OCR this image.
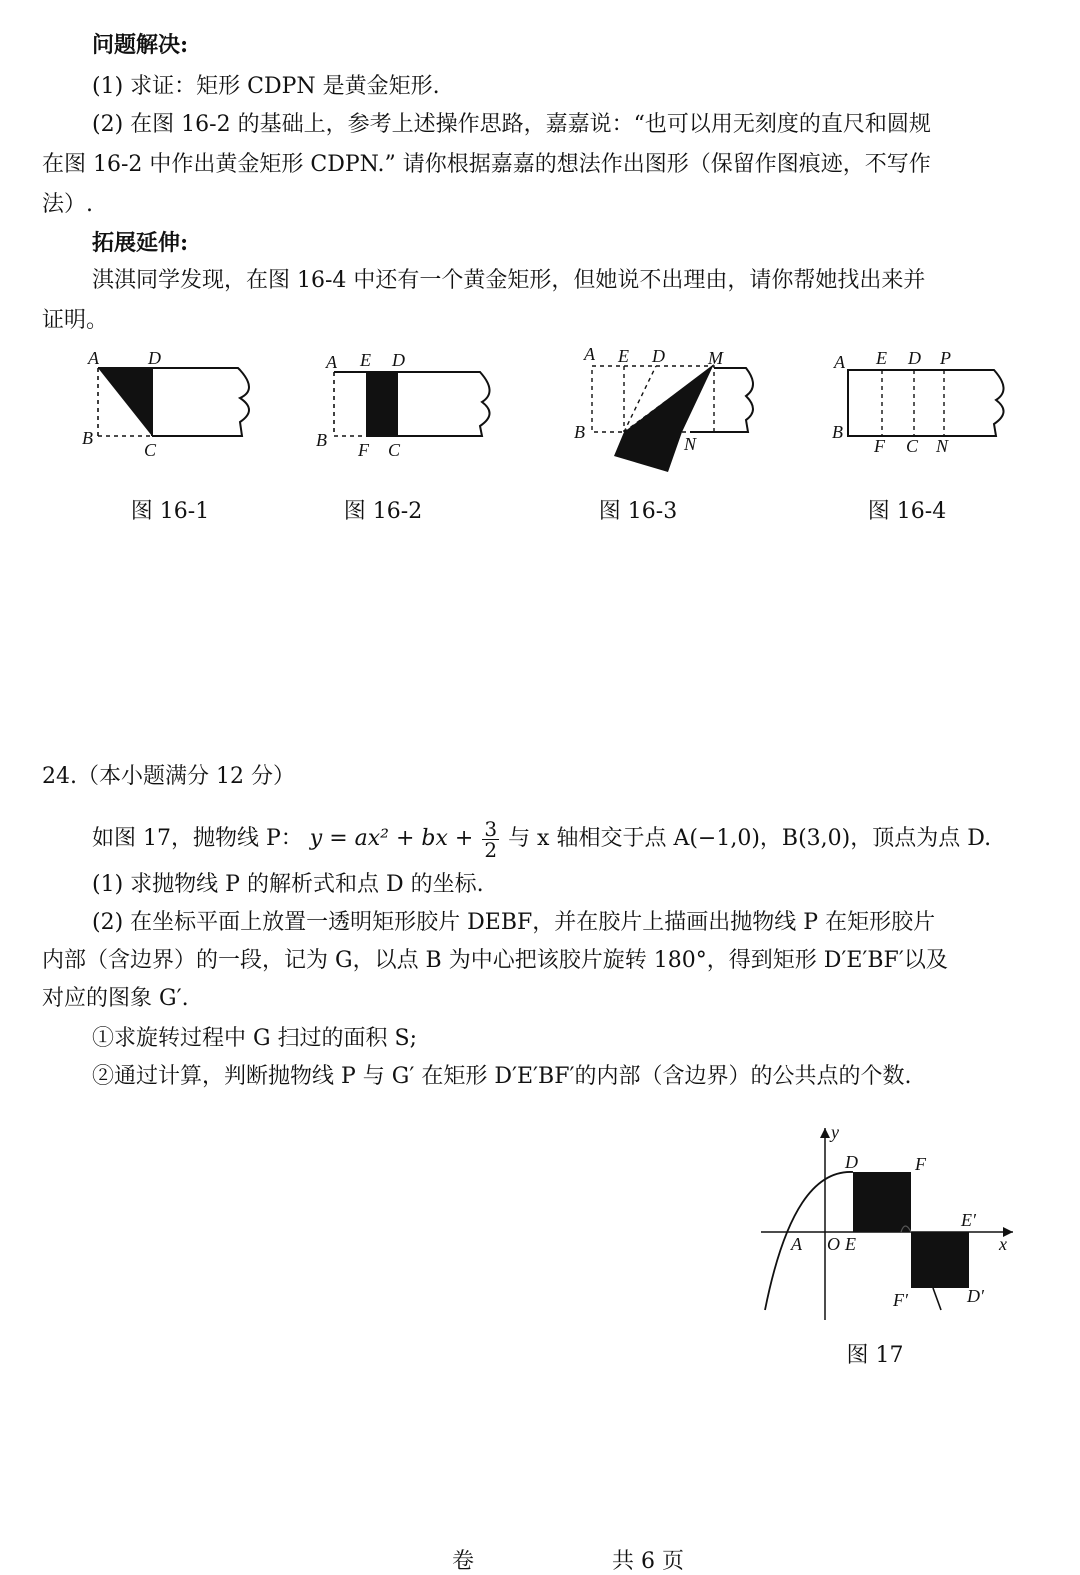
问题解决:
(1) 求证：矩形 CDPN 是黄金矩形.
(2) 在图 16-2 的基础上，参考上述操作思路，嘉嘉说：“也可以用无刻度的直尺和圆规
在图 16-2 中作出黄金矩形 CDPN.” 请你根据嘉嘉的想法作出图形（保留作图痕迹，不写作
法）.
拓展延伸:
淇淇同学发现，在图 16-4 中还有一个黄金矩形，但她说不出理由，请你帮她找出来并
证明。
A	D
B
C
A E D
B F C
A E D M
B
N
A E D P
B
F C N
图 16-1	图 16-2	图 16-3	图 16-4
24.（本小题满分 12 分）
如图 17，抛物线 P： y = ax² + bx + $\frac{3}{2}$ 与 x 轴相交于点 A(−1,0)，B(3,0)，顶点为点 D.
(1) 求抛物线 P 的解析式和点 D 的坐标.
(2) 在坐标平面上放置一透明矩形胶片 DEBF，并在胶片上描画出抛物线 P 在矩形胶片
内部（含边界）的一段，记为 G，以点 B 为中心把该胶片旋转 180°，得到矩形 D′E′BF′以及
对应的图象 G′.
①求旋转过程中 G 扫过的面积 S;
②通过计算，判断抛物线 P 与 G′ 在矩形 D′E′BF′的内部（含边界）的公共点的个数.
y
x
D	F
E′
A O E
F′	D′
图 17
卷	共 6 页
